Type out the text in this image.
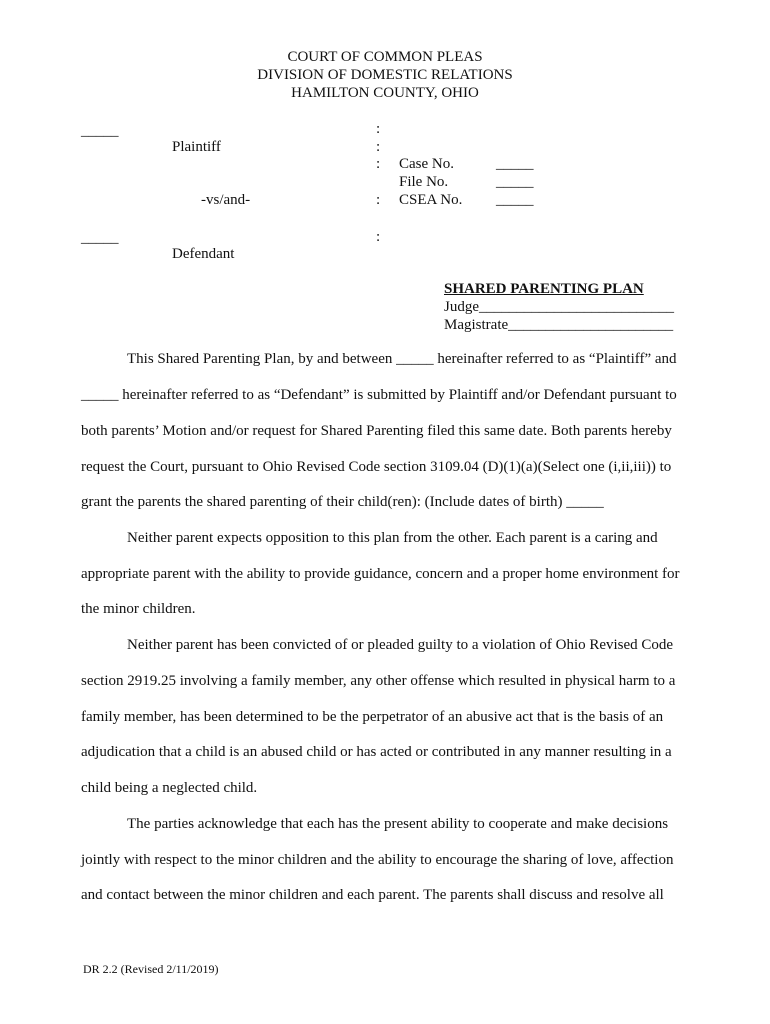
COURT OF COMMON PLEAS
DIVISION OF DOMESTIC RELATIONS
HAMILTON COUNTY, OHIO
_____
Plaintiff
-vs/and-
_____
Defendant
:
:
:
:
:
Case No.	_____
File No.	_____
CSEA No. _____
SHARED PARENTING PLAN
Judge__________________________
Magistrate______________________
This Shared Parenting Plan, by and between _____ hereinafter referred to as “Plaintiff” and
_____ hereinafter referred to as “Defendant” is submitted by Plaintiff and/or Defendant pursuant to
both parents’ Motion and/or request for Shared Parenting filed this same date. Both parents hereby
request the Court, pursuant to Ohio Revised Code section 3109.04 (D)(1)(a)(Select one (i,ii,iii)) to
grant the parents the shared parenting of their child(ren): (Include dates of birth) _____
Neither parent expects opposition to this plan from the other. Each parent is a caring and
appropriate parent with the ability to provide guidance, concern and a proper home environment for
the minor children.
Neither parent has been convicted of or pleaded guilty to a violation of Ohio Revised Code
section 2919.25 involving a family member, any other offense which resulted in physical harm to a
family member, has been determined to be the perpetrator of an abusive act that is the basis of an
adjudication that a child is an abused child or has acted or contributed in any manner resulting in a
child being a neglected child.
The parties acknowledge that each has the present ability to cooperate and make decisions
jointly with respect to the minor children and the ability to encourage the sharing of love, affection
and contact between the minor children and each parent. The parents shall discuss and resolve all
DR 2.2 (Revised 2/11/2019)
